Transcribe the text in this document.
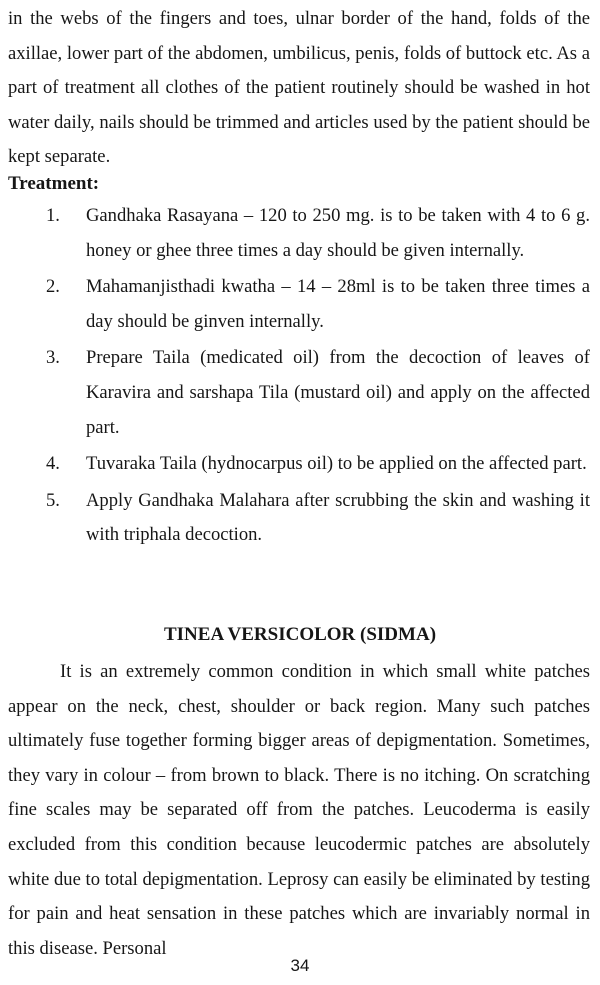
in the webs of the fingers and toes, ulnar border of the hand, folds of the axillae, lower part of the abdomen, umbilicus, penis, folds of buttock etc. As a part of treatment all clothes of the patient routinely should be washed in hot water daily, nails should be trimmed and articles used by the patient should be kept separate.

Treatment:
1. Gandhaka Rasayana – 120 to 250 mg. is to be taken with 4 to 6 g. honey or ghee three times a day should be given internally.
2. Mahamanjisthadi kwatha – 14 – 28ml is to be taken three times a day should be ginven internally.
3. Prepare Taila (medicated oil) from the decoction of leaves of Karavira and sarshapa Tila (mustard oil) and apply on the affected part.
4. Tuvaraka Taila (hydnocarpus oil) to be applied on the affected part.
5. Apply Gandhaka Malahara after scrubbing the skin and washing it with triphala decoction.
TINEA VERSICOLOR (SIDMA)

It is an extremely common condition in which small white patches appear on the neck, chest, shoulder or back region. Many such patches ultimately fuse together forming bigger areas of depigmentation. Sometimes, they vary in colour – from brown to black. There is no itching. On scratching fine scales may be separated off from the patches. Leucoderma is easily excluded from this condition because leucodermic patches are absolutely white due to total depigmentation. Leprosy can easily be eliminated by testing for pain and heat sensation in these patches which are invariably normal in this disease. Personal

34
